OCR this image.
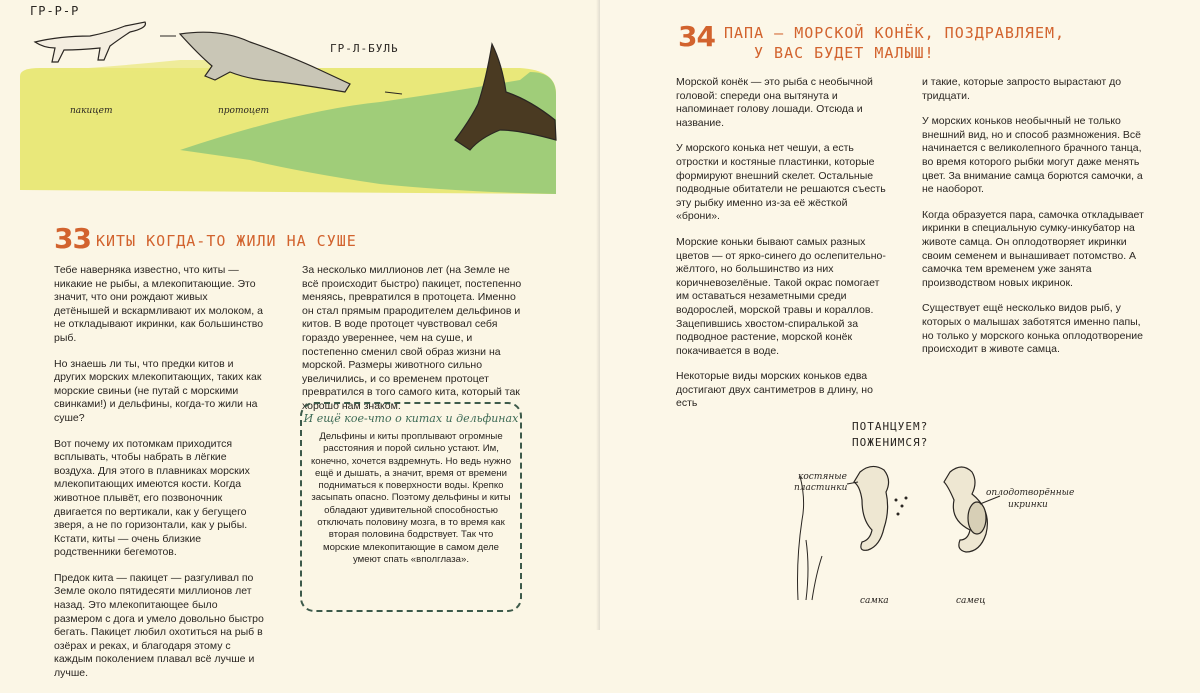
ГР-Р-Р
ГР-Л-БУЛЬ
пакицет	протоцет
33 КИТЫ КОГДА-ТО ЖИЛИ НА СУШЕ

Тебе наверняка известно, что киты — никакие не рыбы, а млекопитающие. Это значит, что они рождают живых детёнышей и вскармливают их молоком, а не откладывают икринки, как большинство рыб.

Но знаешь ли ты, что предки китов и других морских млекопитающих, таких как морские свиньи (не путай с морскими свинками!) и дельфины, когда-то жили на суше?

Вот почему их потомкам приходится всплывать, чтобы набрать в лёгкие воздуха. Для этого в плавниках морских млекопитающих имеются кости. Когда животное плывёт, его позвоночник двигается по вертикали, как у бегущего зверя, а не по горизонтали, как у рыбы. Кстати, киты — очень близкие родственники бегемотов.

Предок кита — пакицет — разгуливал по Земле около пятидесяти миллионов лет назад. Это млекопитающее было размером с дога и умело довольно быстро бегать. Пакицет любил охотиться на рыб в озёрах и реках, и благодаря этому с каждым поколением плавал всё лучше и лучше.

За несколько миллионов лет (на Земле не всё происходит быстро) пакицет, постепенно меняясь, превратился в протоцета. Именно он стал прямым прародителем дельфинов и китов. В воде протоцет чувствовал себя гораздо увереннее, чем на суше, и постепенно сменил свой образ жизни на морской. Размеры животного сильно увеличились, и со временем протоцет превратился в того самого кита, который так хорошо нам знаком.

И ещё кое-что о китах и дельфинах
Дельфины и киты проплывают огромные расстояния и порой сильно устают. Им, конечно, хочется вздремнуть. Но ведь нужно ещё и дышать, а значит, время от времени подниматься к поверхности воды. Крепко засыпать опасно. Поэтому дельфины и киты обладают удивительной способностью отключать половину мозга, в то время как вторая половина бодрствует. Так что морские млекопитающие в самом деле умеют спать «вполглаза».
34 ПАПА — МОРСКОЙ КОНЁК, ПОЗДРАВЛЯЕМ,
У ВАС БУДЕТ МАЛЫШ!

Морской конёк — это рыба с необычной головой: спереди она вытянута и напоминает голову лошади. Отсюда и название.

У морского конька нет чешуи, а есть отростки и костяные пластинки, которые формируют внешний скелет. Остальные подводные обитатели не решаются съесть эту рыбку именно из-за её жёсткой «брони».

Морские коньки бывают самых разных цветов — от ярко-синего до ослепительно-жёлтого, но большинство из них коричневозелёные. Такой окрас помогает им оставаться незаметными среди водорослей, морской травы и кораллов. Зацепившись хвостом-спиралькой за подводное растение, морской конёк покачивается в воде.

Некоторые виды морских коньков едва достигают двух сантиметров в длину, но есть

и такие, которые запросто вырастают до тридцати.

У морских коньков необычный не только внешний вид, но и способ размножения. Всё начинается с великолепного брачного танца, во время которого рыбки могут даже менять цвет. За внимание самца борются самочки, а не наоборот.

Когда образуется пара, самочка откладывает икринки в специальную сумку-инкубатор на животе самца. Он оплодотворяет икринки своим семенем и вынашивает потомство. А самочка тем временем уже занята производством новых икринок.

Существует ещё несколько видов рыб, у которых о малышах заботятся именно папы, но только у морского конька оплодотворение происходит в животе самца.

ПОТАНЦУЕМ?
ПОЖЕНИМСЯ?
костяные
пластинки	оплодотворённые
икринки
самка	самец
